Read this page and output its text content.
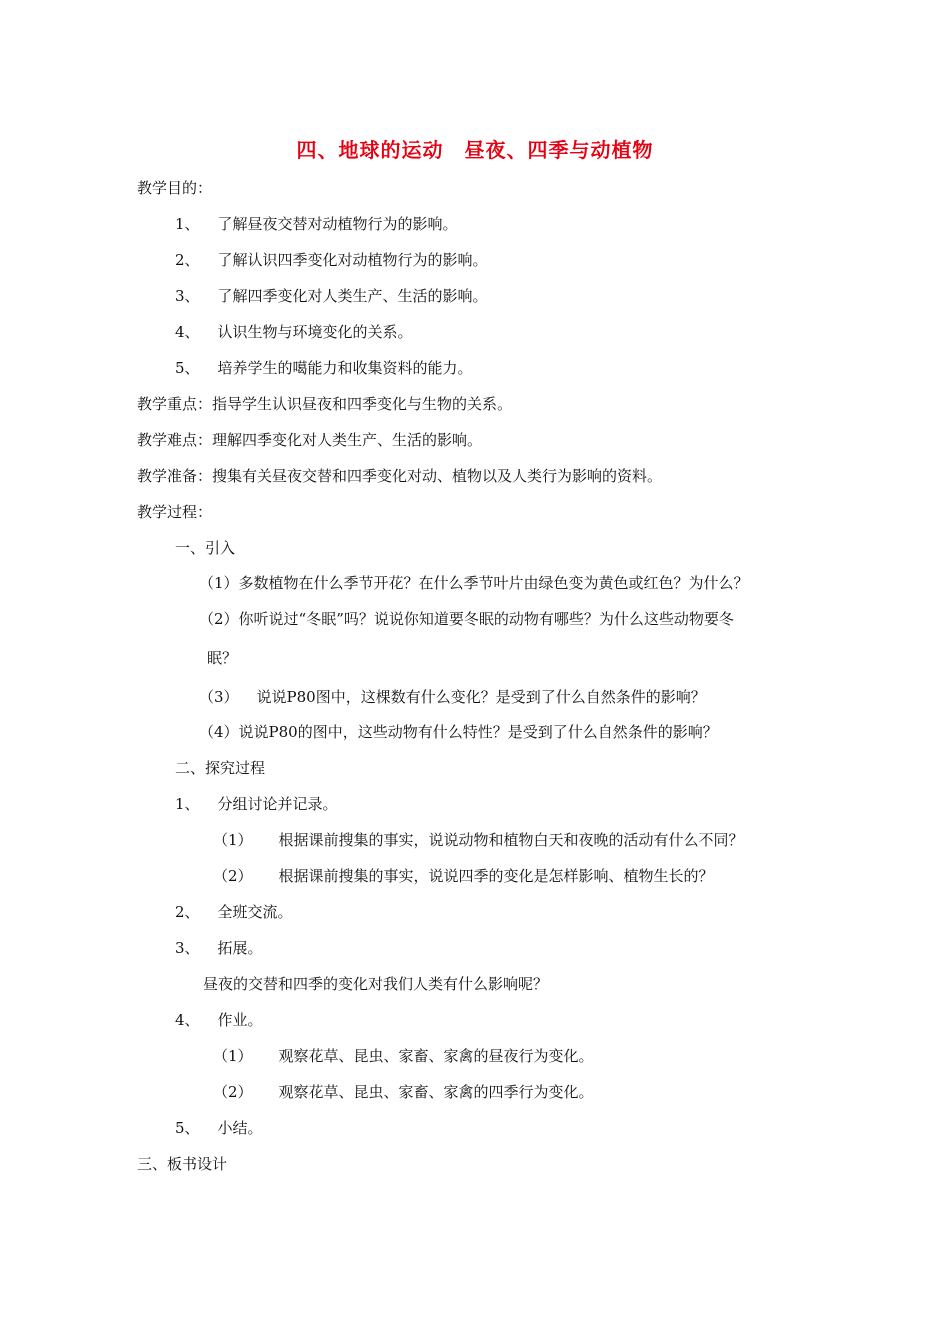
四、地球的运动　昼夜、四季与动植物
教学目的：
1、 了解昼夜交替对动植物行为的影响。
2、 了解认识四季变化对动植物行为的影响。
3、 了解四季变化对人类生产、生活的影响。
4、 认识生物与环境变化的关系。
5、 培养学生的噶能力和收集资料的能力。
教学重点：指导学生认识昼夜和四季变化与生物的关系。
教学难点：理解四季变化对人类生产、生活的影响。
教学准备：搜集有关昼夜交替和四季变化对动、植物以及人类行为影响的资料。
教学过程：
一、引入
（1）多数植物在什么季节开花？在什么季节叶片由绿色变为黄色或红色？为什么？
（2）你听说过“冬眠”吗？说说你知道要冬眠的动物有哪些？为什么这些动物要冬
眠？
（3） 说说P80图中，这棵数有什么变化？是受到了什么自然条件的影响？
（4）说说P80的图中，这些动物有什么特性？是受到了什么自然条件的影响？
二、探究过程
1、 分组讨论并记录。
（1） 根据课前搜集的事实，说说动物和植物白天和夜晚的活动有什么不同？
（2） 根据课前搜集的事实，说说四季的变化是怎样影响、植物生长的？
2、 全班交流。
3、 拓展。
昼夜的交替和四季的变化对我们人类有什么影响呢？
4、 作业。
（1） 观察花草、昆虫、家畜、家禽的昼夜行为变化。
（2） 观察花草、昆虫、家畜、家禽的四季行为变化。
5、 小结。
三、板书设计
